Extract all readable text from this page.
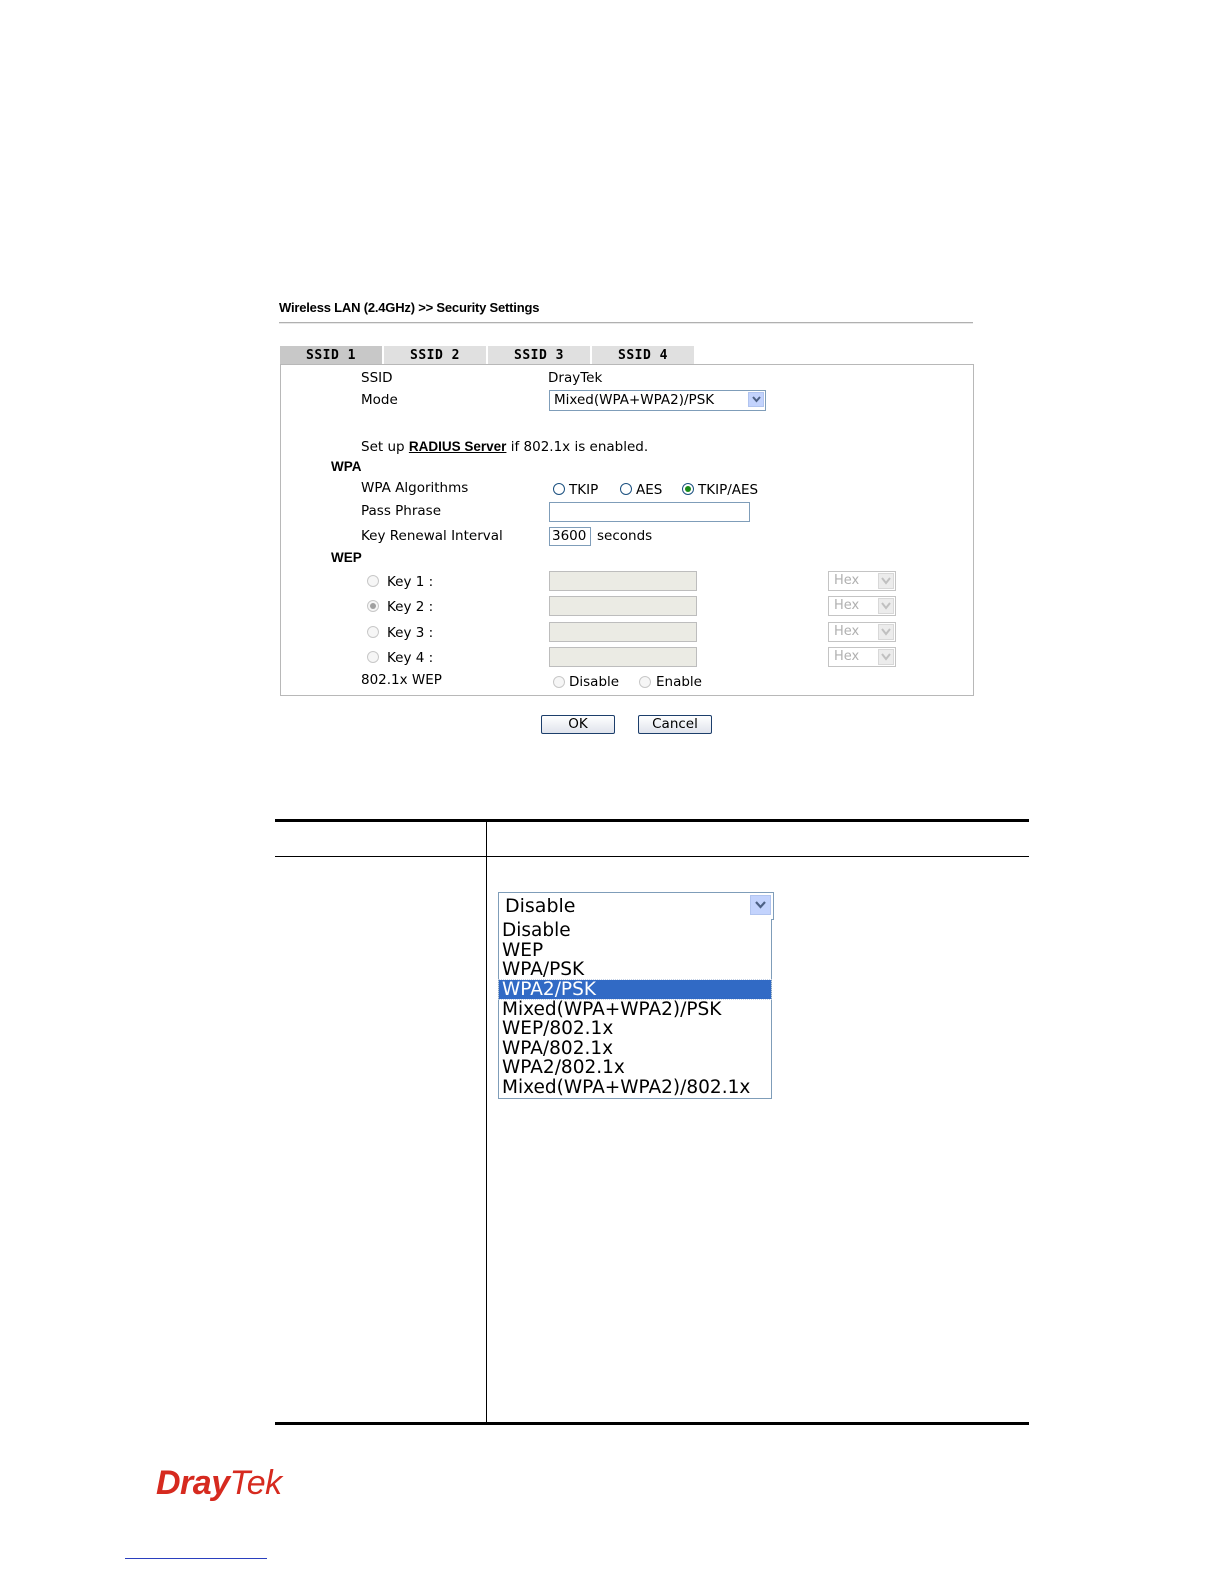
Wireless LAN (2.4GHz) >> Security Settings
SSID 1	SSID 2	SSID 3	SSID 4
SSID	DrayTek
Mode	Mixed(WPA+WPA2)/PSK
Set up RADIUS Server if 802.1x is enabled.
WPA
WPA Algorithms	TKIP	AES	TKIP/AES
Pass Phrase
Key Renewal Interval	3600 seconds
WEP
Key 1 :	Hex
Key 2 :	Hex
Key 3 :	Hex
Key 4 :	Hex
802.1x WEP	Disable	Enable
OK	Cancel
Disable
Disable
WEP
WPA/PSK
WPA2/PSK
Mixed(WPA+WPA2)/PSK
WEP/802.1x
WPA/802.1x
WPA2/802.1x
Mixed(WPA+WPA2)/802.1x
DrayTek
